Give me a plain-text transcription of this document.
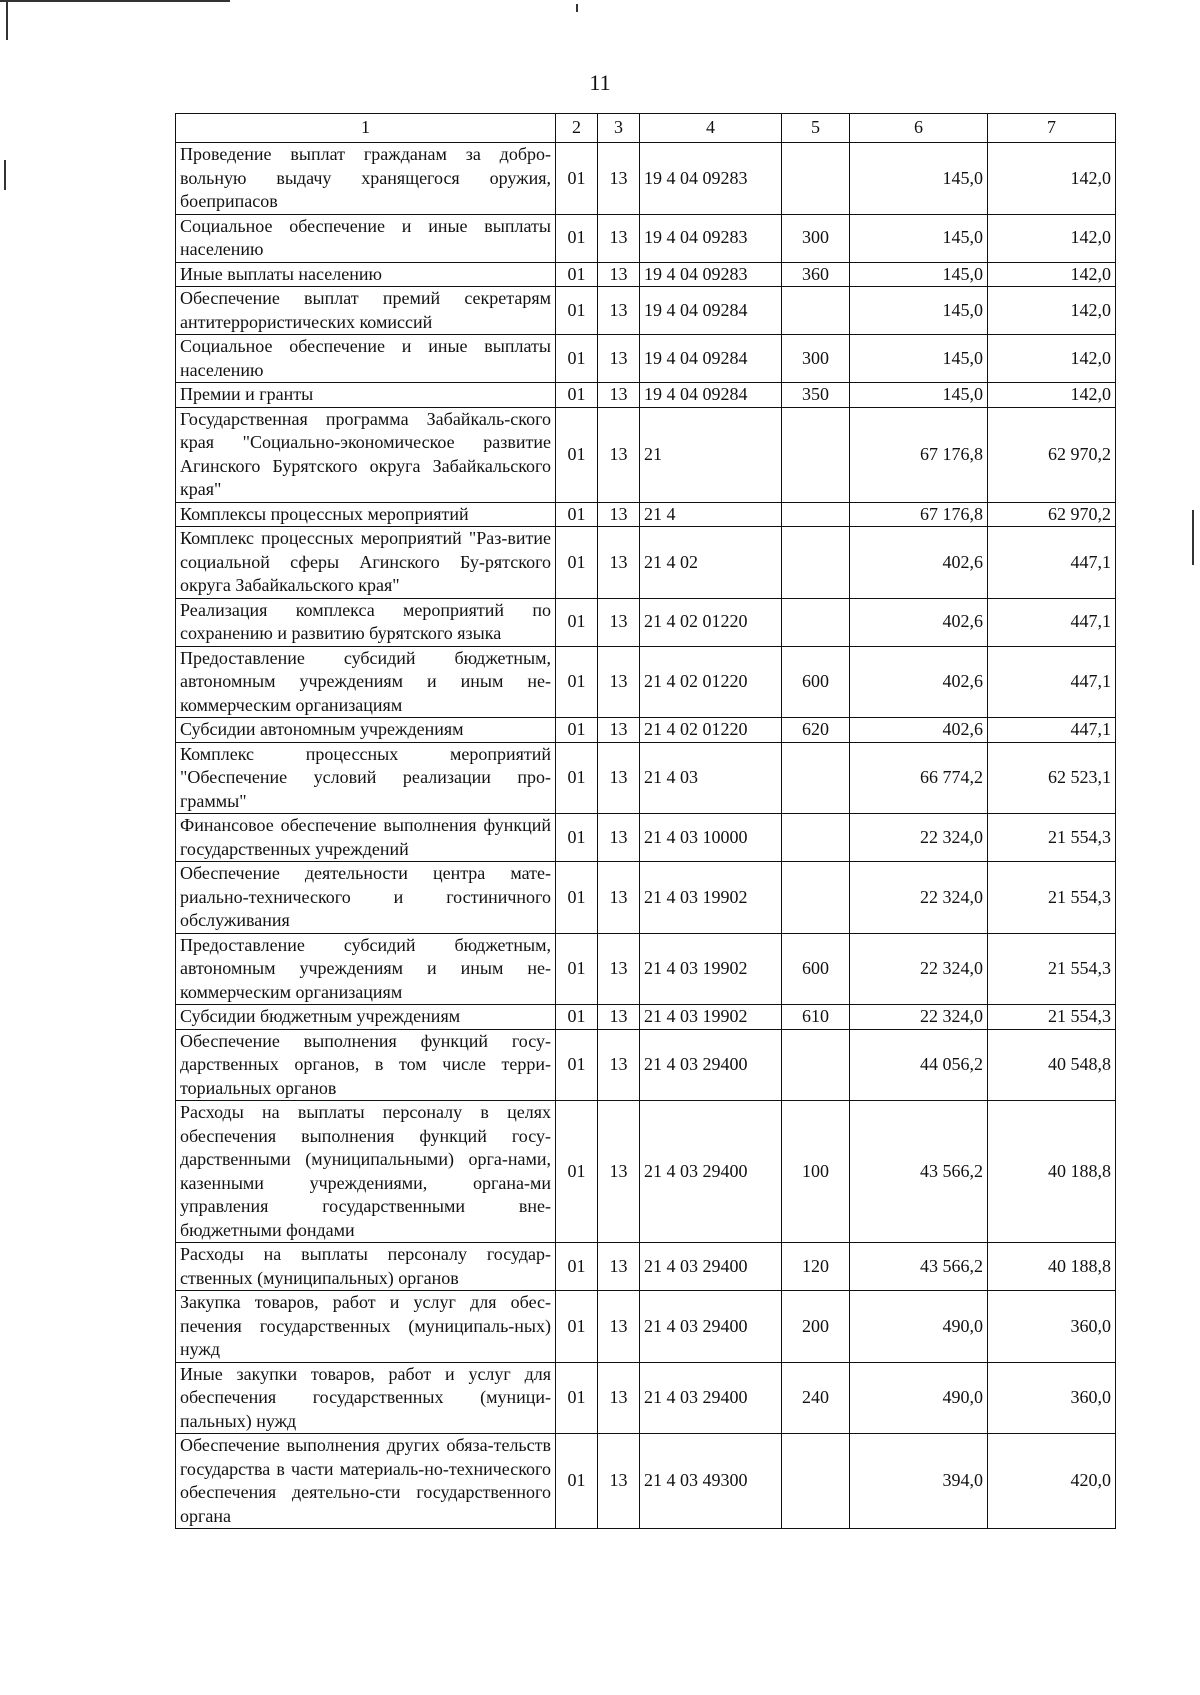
11
1	2	3	4	5	6	7
Проведение выплат гражданам за добро-вольную выдачу хранящегося оружия, боеприпасов	01	13	19 4 04 09283		145,0	142,0
Социальное обеспечение и иные выплаты населению	01	13	19 4 04 09283	300	145,0	142,0
Иные выплаты населению	01	13	19 4 04 09283	360	145,0	142,0
Обеспечение выплат премий секретарям антитеррористических комиссий	01	13	19 4 04 09284		145,0	142,0
Социальное обеспечение и иные выплаты населению	01	13	19 4 04 09284	300	145,0	142,0
Премии и гранты	01	13	19 4 04 09284	350	145,0	142,0
Государственная программа Забайкаль-ского края "Социально-экономическое развитие Агинского Бурятского округа Забайкальского края"	01	13	21		67 176,8	62 970,2
Комплексы процессных мероприятий	01	13	21 4		67 176,8	62 970,2
Комплекс процессных мероприятий "Раз-витие социальной сферы Агинского Бу-рятского округа Забайкальского края"	01	13	21 4 02		402,6	447,1
Реализация комплекса мероприятий по сохранению и развитию бурятского языка	01	13	21 4 02 01220		402,6	447,1
Предоставление субсидий бюджетным, автономным учреждениям и иным не-коммерческим организациям	01	13	21 4 02 01220	600	402,6	447,1
Субсидии автономным учреждениям	01	13	21 4 02 01220	620	402,6	447,1
Комплекс процессных мероприятий "Обеспечение условий реализации про-граммы"	01	13	21 4 03		66 774,2	62 523,1
Финансовое обеспечение выполнения функций государственных учреждений	01	13	21 4 03 10000		22 324,0	21 554,3
Обеспечение деятельности центра мате-риально-технического и гостиничного обслуживания	01	13	21 4 03 19902		22 324,0	21 554,3
Предоставление субсидий бюджетным, автономным учреждениям и иным не-коммерческим организациям	01	13	21 4 03 19902	600	22 324,0	21 554,3
Субсидии бюджетным учреждениям	01	13	21 4 03 19902	610	22 324,0	21 554,3
Обеспечение выполнения функций госу-дарственных органов, в том числе терри-ториальных органов	01	13	21 4 03 29400		44 056,2	40 548,8
Расходы на выплаты персоналу в целях обеспечения выполнения функций госу-дарственными (муниципальными) орга-нами, казенными учреждениями, органа-ми управления государственными вне-бюджетными фондами	01	13	21 4 03 29400	100	43 566,2	40 188,8
Расходы на выплаты персоналу государ-ственных (муниципальных) органов	01	13	21 4 03 29400	120	43 566,2	40 188,8
Закупка товаров, работ и услуг для обес-печения государственных (муниципаль-ных) нужд	01	13	21 4 03 29400	200	490,0	360,0
Иные закупки товаров, работ и услуг для обеспечения государственных (муници-пальных) нужд	01	13	21 4 03 29400	240	490,0	360,0
Обеспечение выполнения других обяза-тельств государства в части материаль-но-технического обеспечения деятельно-сти государственного органа	01	13	21 4 03 49300		394,0	420,0
